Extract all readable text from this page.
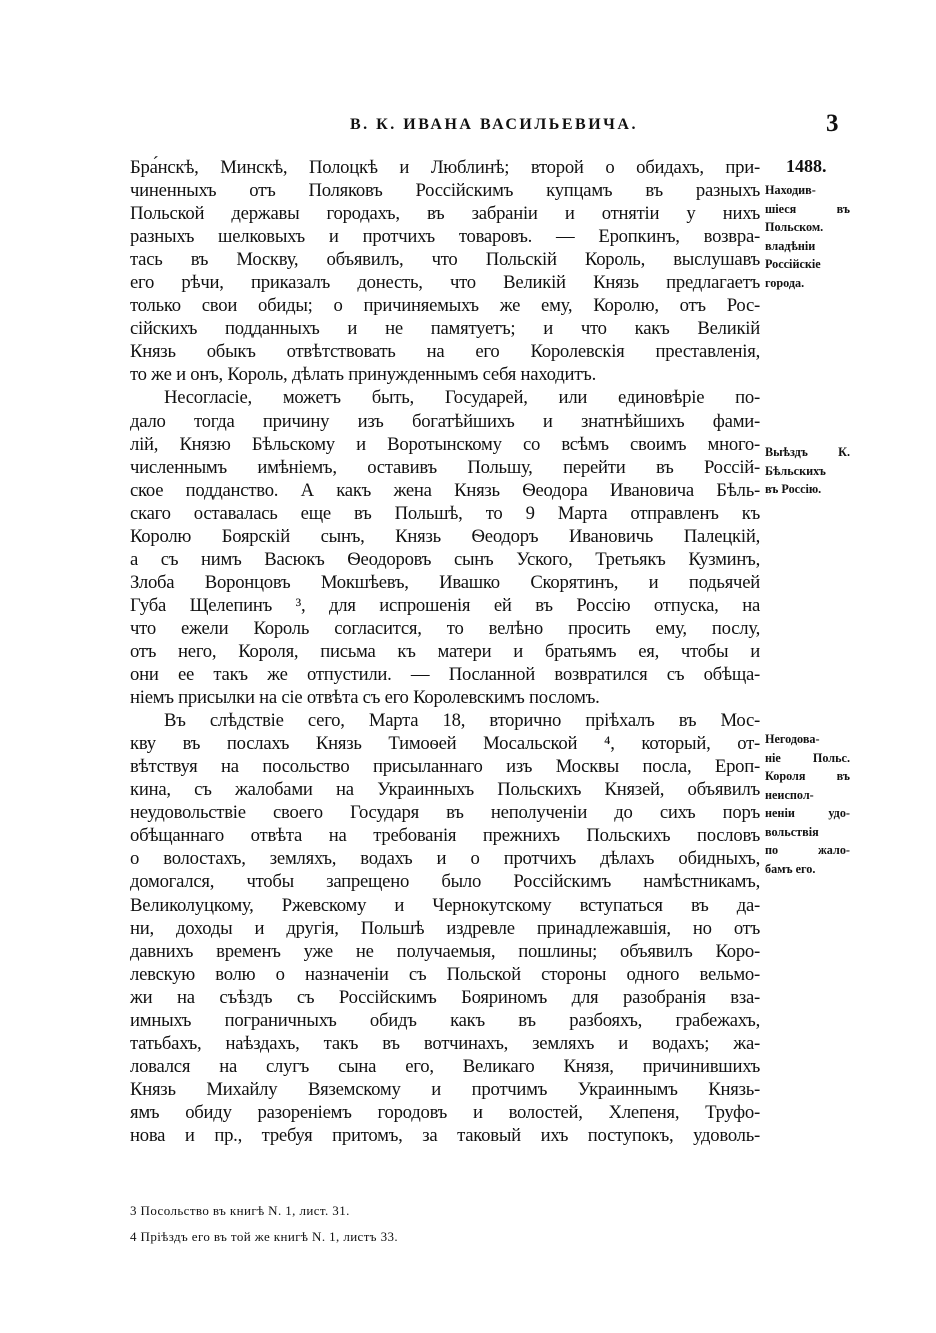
В. К. ИВАНА ВАСИЛЬЕВИЧА.	3
1488.
Находив-
шiеся въ
Польском.
владѣнiи
Россiйскiе
города.
Выѣздъ К.
Бѣльскихъ
въ Россiю.
Негодова-
нiе Польс.
Короля въ
неиспол-
ненiи удо-
вольствiя
по жало-
бамъ его.
Бра́нскѣ, Минскѣ, Полоцкѣ и Люблинѣ; второй о обидахъ, при-
чиненныхъ отъ Поляковъ Россiйскимъ купцамъ въ разныхъ
Польской державы городахъ, въ забранiи и отнятiи у нихъ
разныхъ шелковыхъ и протчихъ товаровъ. — Еропкинъ, возвра-
тась въ Москву, объявилъ, что Польскiй Король, выслушавъ
его рѣчи, приказалъ донесть, что Великiй Князь предлагаетъ
только свои обиды; о причиняемыхъ же ему, Королю, отъ Рос-
сiйскихъ подданныхъ и не памятуетъ; и что какъ Великiй
Князь обыкъ отвѣтствовать на его Королевскiя преставленiя,
то же и онъ, Король, дѣлать принужденнымъ себя находитъ.
Несогласiе, можетъ быть, Государей, или единовѣрiе по-
дало тогда причину изъ богатѣйшихъ и знатнѣйшихъ фами-
лiй, Князю Бѣльскому и Воротынскому со всѣмъ своимъ много-
численнымъ имѣнiемъ, оставивъ Польшу, перейти въ Россiй-
ское подданство. А какъ жена Князь Ѳеодора Ивановича Бѣль-
скаго оставалась еще въ Польшѣ, то 9 Марта отправленъ къ
Королю Боярскiй сынъ, Князь Ѳеодоръ Ивановичь Палецкiй,
а съ нимъ Васюкъ Ѳеодоровъ сынъ Уского, Третьякъ Кузминъ,
Злоба Воронцовъ Мокшѣевъ, Ивашко Скорятинъ, и подьячей
Губа Щелепинъ ³, для испрошенiя ей въ Россiю отпуска, на
что ежели Король согласится, то велѣно просить ему, послу,
отъ него, Короля, письма къ матери и братьямъ ея, чтобы и
они ее такъ же отпустили. — Посланной возвратился съ обѣща-
нiемъ присылки на сiе отвѣта съ его Королевскимъ посломъ.
Въ слѣдствiе сего, Марта 18, вторично прiѣхалъ въ Мос-
кву въ послахъ Князь Тимоѳей Мосальской ⁴, который, от-
вѣтствуя на посольство присыланнаго изъ Москвы посла, Ероп-
кина, съ жалобами на Украинныхъ Польскихъ Князей, объявилъ
неудовольствiе своего Государя въ неполученiи до сихъ поръ
обѣщаннаго отвѣта на требованiя прежнихъ Польскихъ пословъ
о волостахъ, земляхъ, водахъ и о протчихъ дѣлахъ обидныхъ,
домогался, чтобы запрещено было Россiйскимъ намѣстникамъ,
Великолуцкому, Ржевскому и Чернокутскому вступаться въ да-
ни, доходы и другiя, Польшѣ издревле принадлежавшiя, но отъ
давнихъ временъ уже не получаемыя, пошлины; объявилъ Коро-
левскую волю о назначенiи съ Польской стороны одного вельмо-
жи на съѣздъ съ Россiйскимъ Бояриномъ для разобранiя вза-
имныхъ пограничныхъ обидъ какъ въ разбояхъ, грабежахъ,
татьбахъ, наѣздахъ, такъ въ вотчинахъ, земляхъ и водахъ; жа-
ловался на слугъ сына его, Великаго Князя, причинившихъ
Князь Михайлу Вяземскому и протчимъ Украиннымъ Князь-
ямъ обиду разоренiемъ городовъ и волостей, Хлепеня, Труфо-
нова и пр., требуя притомъ, за таковый ихъ поступокъ, удоволь-
3 Посольство въ книгѣ N. 1, лист. 31.
4 Прiѣздъ его въ той же книгѣ N. 1, листъ 33.
